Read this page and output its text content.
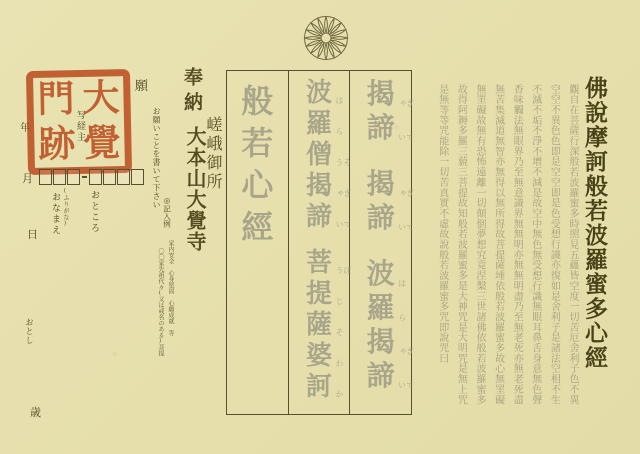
門 大
跡 覺
写経主
願
年
月
日
おところ
(ふりがな)
おなまえ
おとし
歳
お願いことを書いて下さい
◎記入例
家内安全 心身堅固 心願成就 等
〇〇家先祖代々(又は戒名のある)菩提
奉納
嵯峨御所
大本山大覺寺
揭	ぎゃ
諦	てい
揭	ぎゃ
諦	てい
波 は
羅 ら
揭	ぎゃ
諦	てい
波 は
羅 ら
僧	そう
揭	ぎゃ
諦	てい
菩	ぼう
提 じ
薩 そ
婆 わ
訶 か
般
若
心
經	佛說摩訶般若波羅蜜多心經
觀自在菩薩行深般若波羅蜜多時照見五蘊皆空度一切苦厄舍利子色不異
空空不異色色即是空空即是色受想行識亦復如是舍利子是諸法空相不生
不滅不垢不淨不增不減是故空中無色無受想行識無眼耳鼻舌身意無色聲
香味觸法無眼界乃至無意識界無無明亦無無明盡乃至無老死亦無老死盡
無苦集滅道無智亦無得以無所得故菩提薩埵依般若波羅蜜多故心無罣礙
無罣礙故無有恐怖遠離一切顛倒夢想究竟涅槃三世諸佛依般若波羅蜜多
故得阿耨多羅三藐三菩提故知般若波羅蜜多是大神咒是大明咒是無上咒
是無等等咒能除一切苦真實不虛故說般若波羅蜜多咒即說咒曰
